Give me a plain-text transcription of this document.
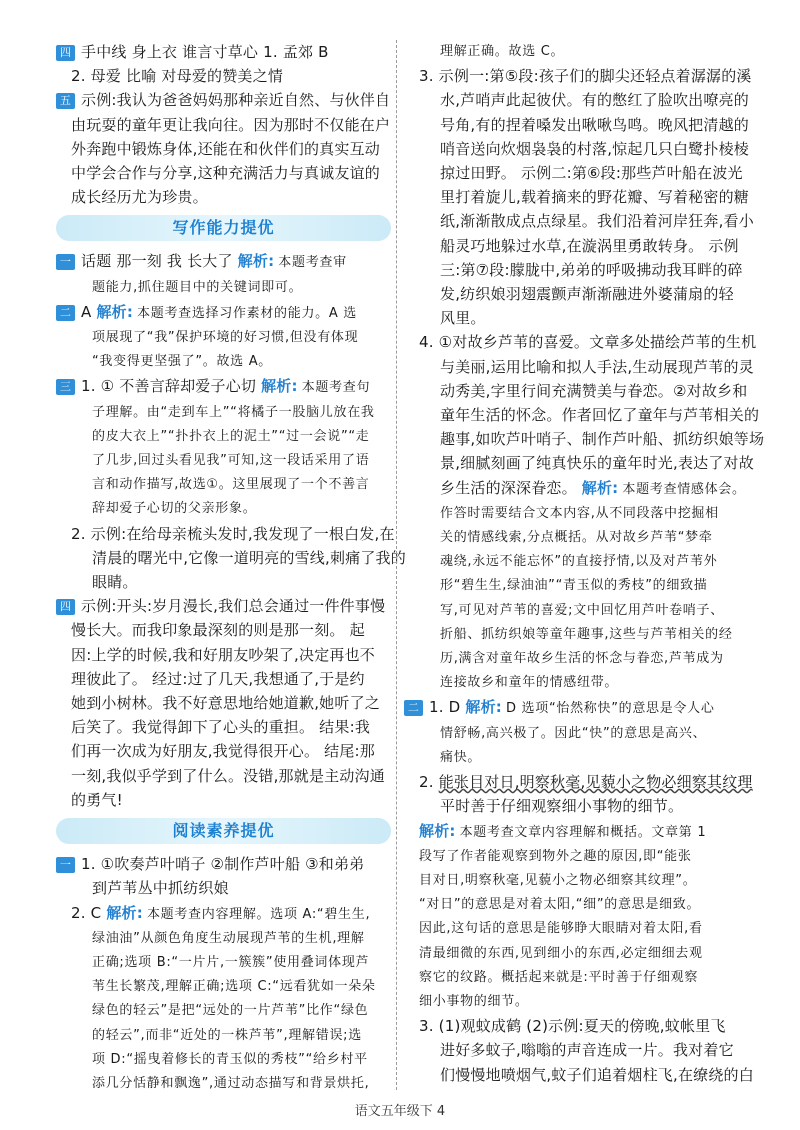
四 手中线 身上衣 谁言寸草心 1. 孟郊 B
2. 母爱 比喻 对母爱的赞美之情
五 示例:我认为爸爸妈妈那种亲近自然、与伙伴自
由玩耍的童年更让我向往。因为那时不仅能在户
外奔跑中锻炼身体,还能在和伙伴们的真实互动
中学会合作与分享,这种充满活力与真诚友谊的
成长经历尤为珍贵。
写作能力提优
一 话题 那一刻 我 长大了 解析: 本题考查审
题能力,抓住题目中的关键词即可。
二 A 解析: 本题考查选择习作素材的能力。A 选
项展现了“我”保护环境的好习惯,但没有体现
“我变得更坚强了”。故选 A。
三 1. ① 不善言辞却爱子心切 解析: 本题考查句
子理解。由“走到车上”“将橘子一股脑儿放在我
的皮大衣上”“扑扑衣上的泥土”“过一会说”“走
了几步,回过头看见我”可知,这一段话采用了语
言和动作描写,故选①。这里展现了一个不善言
辞却爱子心切的父亲形象。
2. 示例:在给母亲梳头发时,我发现了一根白发,在
清晨的曙光中,它像一道明亮的雪线,刺痛了我的
眼睛。
四 示例:开头:岁月漫长,我们总会通过一件件事慢
慢长大。而我印象最深刻的则是那一刻。 起
因:上学的时候,我和好朋友吵架了,决定再也不
理彼此了。 经过:过了几天,我想通了,于是约
她到小树林。我不好意思地给她道歉,她听了之
后笑了。我觉得卸下了心头的重担。 结果:我
们再一次成为好朋友,我觉得很开心。 结尾:那
一刻,我似乎学到了什么。没错,那就是主动沟通
的勇气!
阅读素养提优
一 1. ①吹奏芦叶哨子 ②制作芦叶船 ③和弟弟
到芦苇丛中抓纺织娘
2. C 解析: 本题考查内容理解。选项 A:“碧生生,
绿油油”从颜色角度生动展现芦苇的生机,理解
正确;选项 B:“一片片,一簇簇”使用叠词体现芦
苇生长繁茂,理解正确;选项 C:“远看犹如一朵朵
绿色的轻云”是把“远处的一片芦苇”比作“绿色
的轻云”,而非“近处的一株芦苇”,理解错误;选
项 D:“摇曳着修长的青玉似的秀枝”“给乡村平
添几分恬静和飘逸”,通过动态描写和背景烘托,
理解正确。故选 C。
3. 示例一:第⑤段:孩子们的脚尖还轻点着潺潺的溪
水,芦哨声此起彼伏。有的憋红了脸吹出嘹亮的
号角,有的捏着嗓发出啾啾鸟鸣。晚风把清越的
哨音送向炊烟袅袅的村落,惊起几只白鹭扑棱棱
掠过田野。 示例二:第⑥段:那些芦叶船在波光
里打着旋儿,载着摘来的野花瓣、写着秘密的糖
纸,渐渐散成点点绿星。我们沿着河岸狂奔,看小
船灵巧地躲过水草,在漩涡里勇敢转身。 示例
三:第⑦段:朦胧中,弟弟的呼吸拂动我耳畔的碎
发,纺织娘羽翅震颤声渐渐融进外婆蒲扇的轻
风里。
4. ①对故乡芦苇的喜爱。文章多处描绘芦苇的生机
与美丽,运用比喻和拟人手法,生动展现芦苇的灵
动秀美,字里行间充满赞美与眷恋。②对故乡和
童年生活的怀念。作者回忆了童年与芦苇相关的
趣事,如吹芦叶哨子、制作芦叶船、抓纺织娘等场
景,细腻刻画了纯真快乐的童年时光,表达了对故
乡生活的深深眷恋。 解析: 本题考查情感体会。
作答时需要结合文本内容,从不同段落中挖掘相
关的情感线索,分点概括。从对故乡芦苇“梦牵
魂绕,永远不能忘怀”的直接抒情,以及对芦苇外
形“碧生生,绿油油”“青玉似的秀枝”的细致描
写,可见对芦苇的喜爱;文中回忆用芦叶卷哨子、
折船、抓纺织娘等童年趣事,这些与芦苇相关的经
历,满含对童年故乡生活的怀念与眷恋,芦苇成为
连接故乡和童年的情感纽带。
二 1. D 解析: D 选项“怡然称快”的意思是令人心
情舒畅,高兴极了。因此“快”的意思是高兴、
痛快。
2. 能张目对日,明察秋毫,见藐小之物必细察其纹理
平时善于仔细观察细小事物的细节。
解析: 本题考查文章内容理解和概括。文章第 1
段写了作者能观察到物外之趣的原因,即“能张
目对日,明察秋毫,见藐小之物必细察其纹理”。
“对日”的意思是对着太阳,“细”的意思是细致。
因此,这句话的意思是能够睁大眼睛对着太阳,看
清最细微的东西,见到细小的东西,必定细细去观
察它的纹路。概括起来就是:平时善于仔细观察
细小事物的细节。
3. (1)观蚊成鹤 (2)示例:夏天的傍晚,蚊帐里飞
进好多蚊子,嗡嗡的声音连成一片。我对着它
们慢慢地喷烟气,蚊子们追着烟柱飞,在缭绕的白
语文五年级下 4
